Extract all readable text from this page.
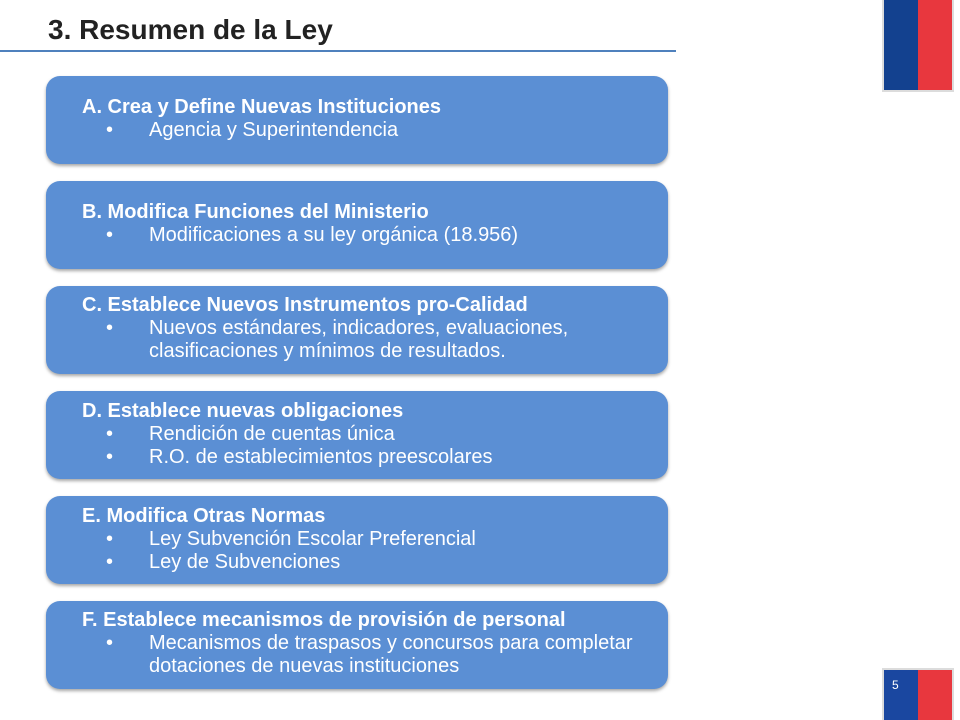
3. Resumen de la Ley
A. Crea y Define Nuevas Instituciones
• Agencia y Superintendencia
B. Modifica Funciones del Ministerio
• Modificaciones a su ley orgánica (18.956)
C. Establece Nuevos Instrumentos pro-Calidad
• Nuevos estándares, indicadores, evaluaciones, clasificaciones y mínimos de resultados.
D. Establece nuevas obligaciones
• Rendición de cuentas única
• R.O. de establecimientos preescolares
E. Modifica Otras Normas
• Ley Subvención Escolar Preferencial
• Ley de Subvenciones
F. Establece mecanismos de provisión de personal
• Mecanismos de traspasos y concursos para completar dotaciones de nuevas instituciones
5
